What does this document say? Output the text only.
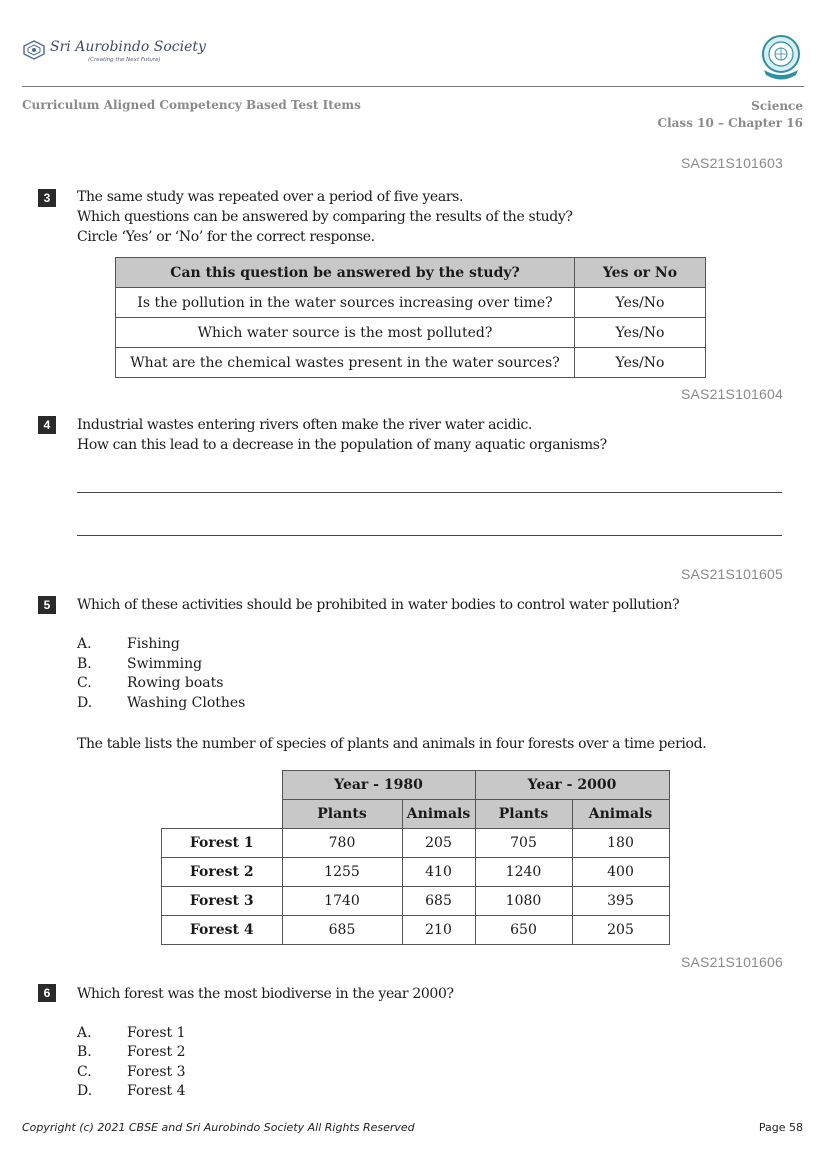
Sri Aurobindo Society
(Creating the Next Future)
Curriculum Aligned Competency Based Test Items	Science
Class 10 – Chapter 16
SAS21S101603
3	The same study was repeated over a period of five years.
Which questions can be answered by comparing the results of the study?
Circle ‘Yes’ or ‘No’ for the correct response.
Can this question be answered by the study?	Yes or No
Is the pollution in the water sources increasing over time?	Yes/No
Which water source is the most polluted?	Yes/No
What are the chemical wastes present in the water sources?	Yes/No
SAS21S101604
4	Industrial wastes entering rivers often make the river water acidic.
How can this lead to a decrease in the population of many aquatic organisms?
SAS21S101605
5	Which of these activities should be prohibited in water bodies to control water pollution?
A.	Fishing
B.	Swimming
C.	Rowing boats
D. Washing Clothes
The table lists the number of species of plants and animals in four forests over a time period.
	Year - 1980		Year - 2000	
	Plants	Animals	Plants	Animals
Forest 1	780	205	705	180
Forest 2	1255	410	1240	400
Forest 3	1740	685	1080	395
Forest 4	685	210	650	205
SAS21S101606
6	Which forest was the most biodiverse in the year 2000?
A.	Forest 1
B.	Forest 2
C.	Forest 3
D. Forest 4
Copyright (c) 2021 CBSE and Sri Aurobindo Society All Rights Reserved	Page 58
